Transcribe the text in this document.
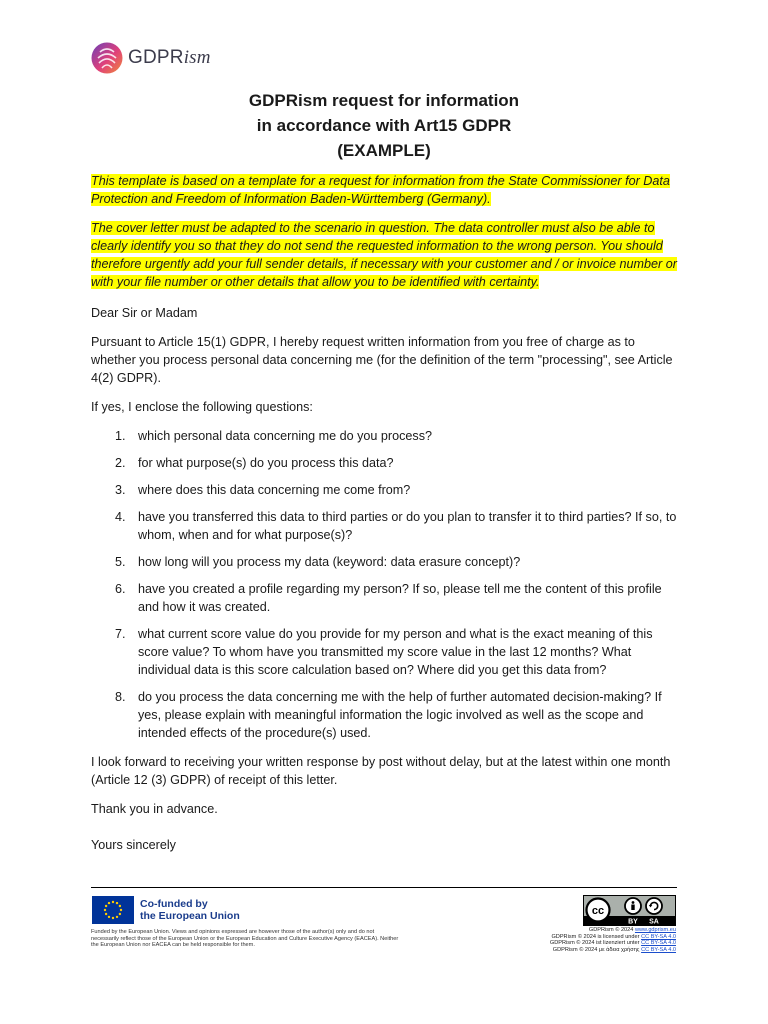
GDPRism
GDPRism request for information
in accordance with Art15 GDPR
(EXAMPLE)

This template is based on a template for a request for information from the State Commissioner for Data Protection and Freedom of Information Baden-Württemberg (Germany).

The cover letter must be adapted to the scenario in question. The data controller must also be able to clearly identify you so that they do not send the requested information to the wrong person. You should therefore urgently add your full sender details, if necessary with your customer and / or invoice number or with your file number or other details that allow you to be identified with certainty.

Dear Sir or Madam

Pursuant to Article 15(1) GDPR, I hereby request written information from you free of charge as to whether you process personal data concerning me (for the definition of the term "processing", see Article 4(2) GDPR).

If yes, I enclose the following questions:

1. which personal data concerning me do you process?
2. for what purpose(s) do you process this data?
3. where does this data concerning me come from?
4. have you transferred this data to third parties or do you plan to transfer it to third parties? If so, to whom, when and for what purpose(s)?
5. how long will you process my data (keyword: data erasure concept)?
6. have you created a profile regarding my person? If so, please tell me the content of this profile and how it was created.
7. what current score value do you provide for my person and what is the exact meaning of this score value? To whom have you transmitted my score value in the last 12 months? What individual data is this score calculation based on? Where did you get this data from?
8. do you process the data concerning me with the help of further automated decision-making? If yes, please explain with meaningful information the logic involved as well as the scope and intended effects of the procedure(s) used.

I look forward to receiving your written response by post without delay, but at the latest within one month (Article 12 (3) GDPR) of receipt of this letter.

Thank you in advance.

Yours sincerely
Co-funded by
the European Union
Funded by the European Union. Views and opinions expressed are however those of the author(s) only and do not necessarily reflect those of the European Union or the European Education and Culture Executive Agency (EACEA). Neither the European Union nor EACEA can be held responsible for them.
cc
BY SA
GDPRism © 2024 www.gdprism.eu
GDPRism © 2024 is licensed under CC BY-SA 4.0
GDPRism © 2024 ist lizenziert unter CC BY-SA 4.0
GDPRism © 2024 με άδεια χρήσης CC BY-SA 4.0
